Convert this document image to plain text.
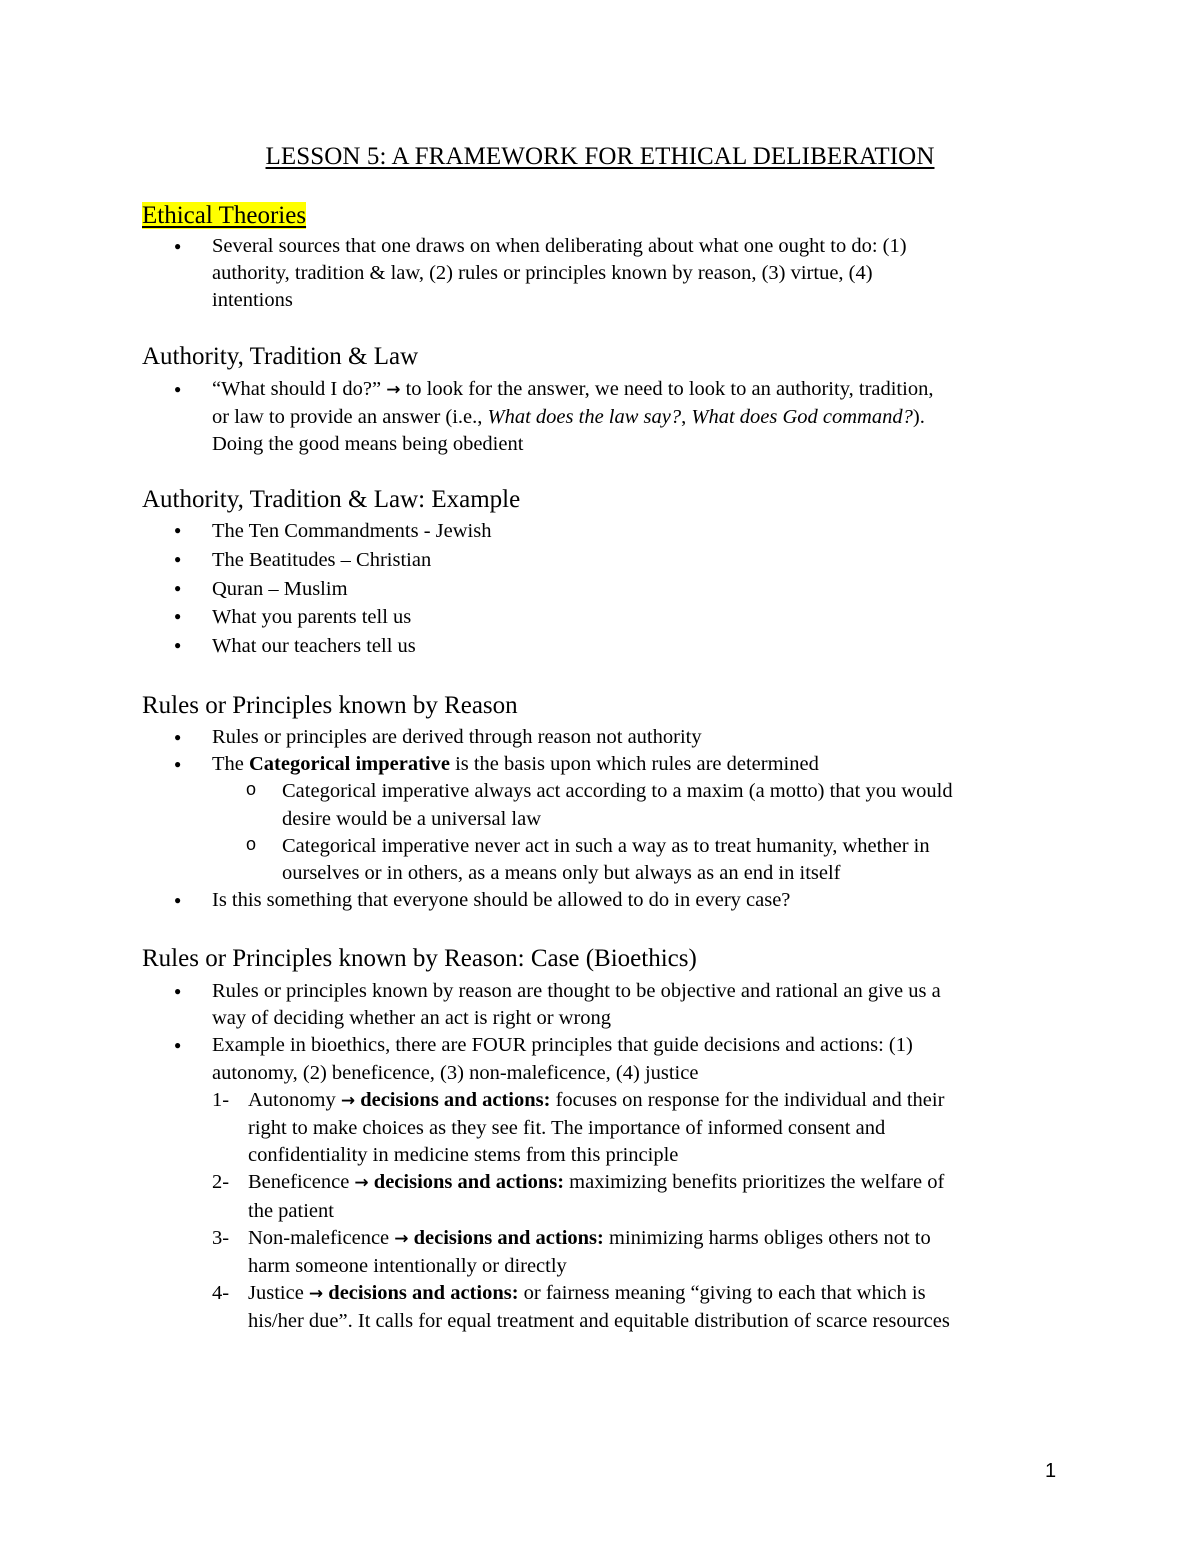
LESSON 5: A FRAMEWORK FOR ETHICAL DELIBERATION
Ethical Theories
● Several sources that one draws on when deliberating about what one ought to do: (1)
authority, tradition & law, (2) rules or principles known by reason, (3) virtue, (4)
intentions
Authority, Tradition & Law
● “What should I do?” → to look for the answer, we need to look to an authority, tradition,
or law to provide an answer (i.e., What does the law say?, What does God command?).
Doing the good means being obedient
Authority, Tradition & Law: Example
● The Ten Commandments - Jewish
● The Beatitudes – Christian
● Quran – Muslim
● What you parents tell us
● What our teachers tell us
Rules or Principles known by Reason
● Rules or principles are derived through reason not authority
● The Categorical imperative is the basis upon which rules are determined
o Categorical imperative always act according to a maxim (a motto) that you would
desire would be a universal law
o Categorical imperative never act in such a way as to treat humanity, whether in
ourselves or in others, as a means only but always as an end in itself
● Is this something that everyone should be allowed to do in every case?
Rules or Principles known by Reason: Case (Bioethics)
● Rules or principles known by reason are thought to be objective and rational an give us a
way of deciding whether an act is right or wrong
● Example in bioethics, there are FOUR principles that guide decisions and actions: (1)
autonomy, (2) beneficence, (3) non-maleficence, (4) justice
1- Autonomy → decisions and actions: focuses on response for the individual and their
right to make choices as they see fit. The importance of informed consent and
confidentiality in medicine stems from this principle
2- Beneficence → decisions and actions: maximizing benefits prioritizes the welfare of
the patient
3- Non-maleficence → decisions and actions: minimizing harms obliges others not to
harm someone intentionally or directly
4- Justice → decisions and actions: or fairness meaning “giving to each that which is
his/her due”. It calls for equal treatment and equitable distribution of scarce resources
1
